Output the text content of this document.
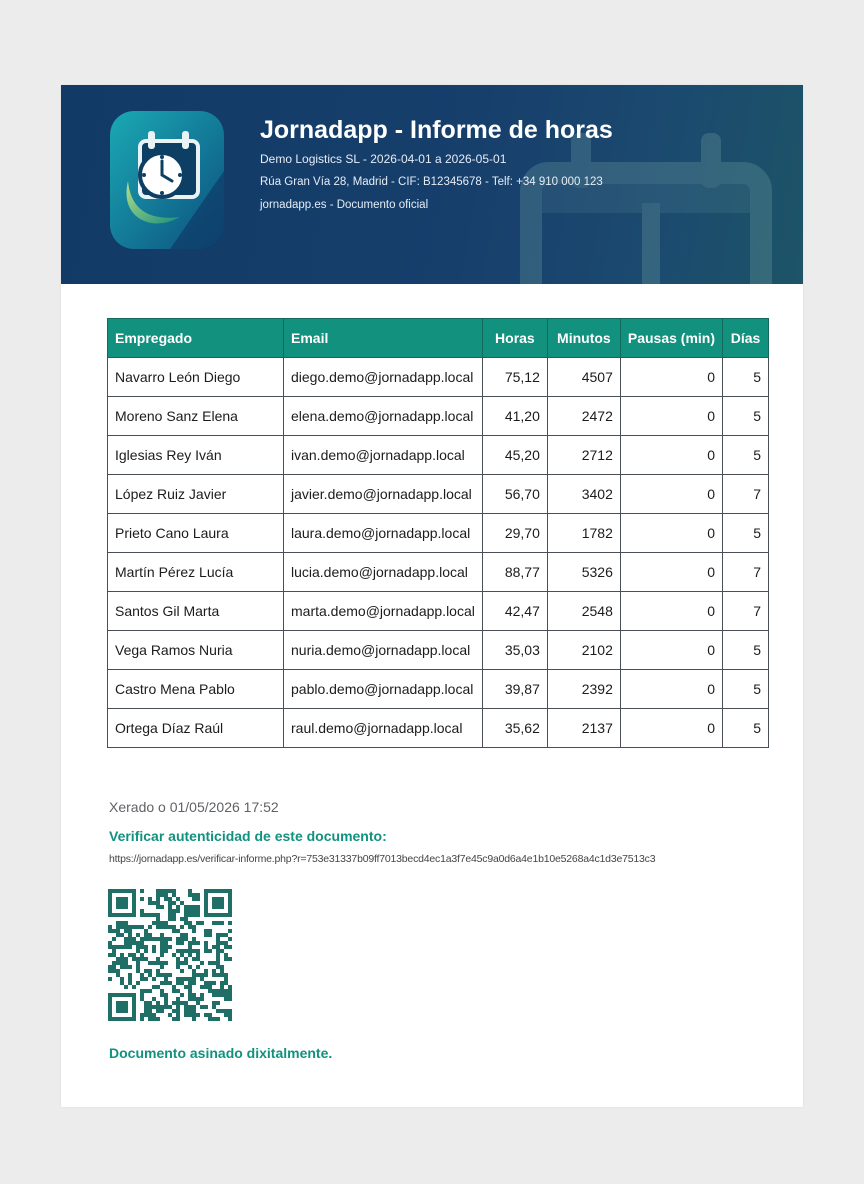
Jornadapp - Informe de horas
Demo Logistics SL - 2026-04-01 a 2026-05-01
Rúa Gran Vía 28, Madrid - CIF: B12345678 - Telf: +34 910 000 123
jornadapp.es - Documento oficial
Empregado	Email	Horas	Minutos	Pausas (min)	Días
Navarro León Diego	diego.demo@jornadapp.local	75,12	4507	0	5
Moreno Sanz Elena	elena.demo@jornadapp.local	41,20	2472	0	5
Iglesias Rey Iván	ivan.demo@jornadapp.local	45,20	2712	0	5
López Ruiz Javier	javier.demo@jornadapp.local	56,70	3402	0	7
Prieto Cano Laura	laura.demo@jornadapp.local	29,70	1782	0	5
Martín Pérez Lucía	lucia.demo@jornadapp.local	88,77	5326	0	7
Santos Gil Marta	marta.demo@jornadapp.local	42,47	2548	0	7
Vega Ramos Nuria	nuria.demo@jornadapp.local	35,03	2102	0	5
Castro Mena Pablo	pablo.demo@jornadapp.local	39,87	2392	0	5
Ortega Díaz Raúl	raul.demo@jornadapp.local	35,62	2137	0	5
Xerado o 01/05/2026 17:52
Verificar autenticidad de este documento:
https://jornadapp.es/verificar-informe.php?r=753e31337b09ff7013becd4ec1a3f7e45c9a0d6a4e1b10e5268a4c1d3e7513c3
Documento asinado dixitalmente.
